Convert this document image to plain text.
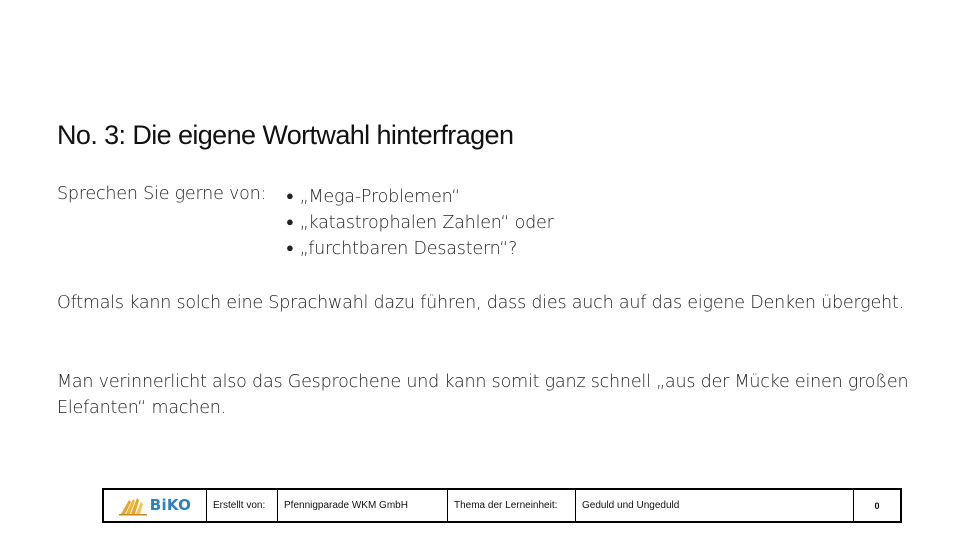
No. 3: Die eigene Wortwahl hinterfragen
Sprechen Sie gerne von: ● „Mega-Problemen“
● „katastrophalen Zahlen“ oder
● „furchtbaren Desastern“?
Oftmals kann solch eine Sprachwahl dazu führen, dass dies auch auf das eigene Denken übergeht.
Man verinnerlicht also das Gesprochene und kann somit ganz schnell „aus der Mücke einen großen Elefanten“ machen.
BiKO	Erstellt von:	Pfennigparade WKM GmbH	Thema der Lerneinheit:	Geduld und Ungeduld	0
